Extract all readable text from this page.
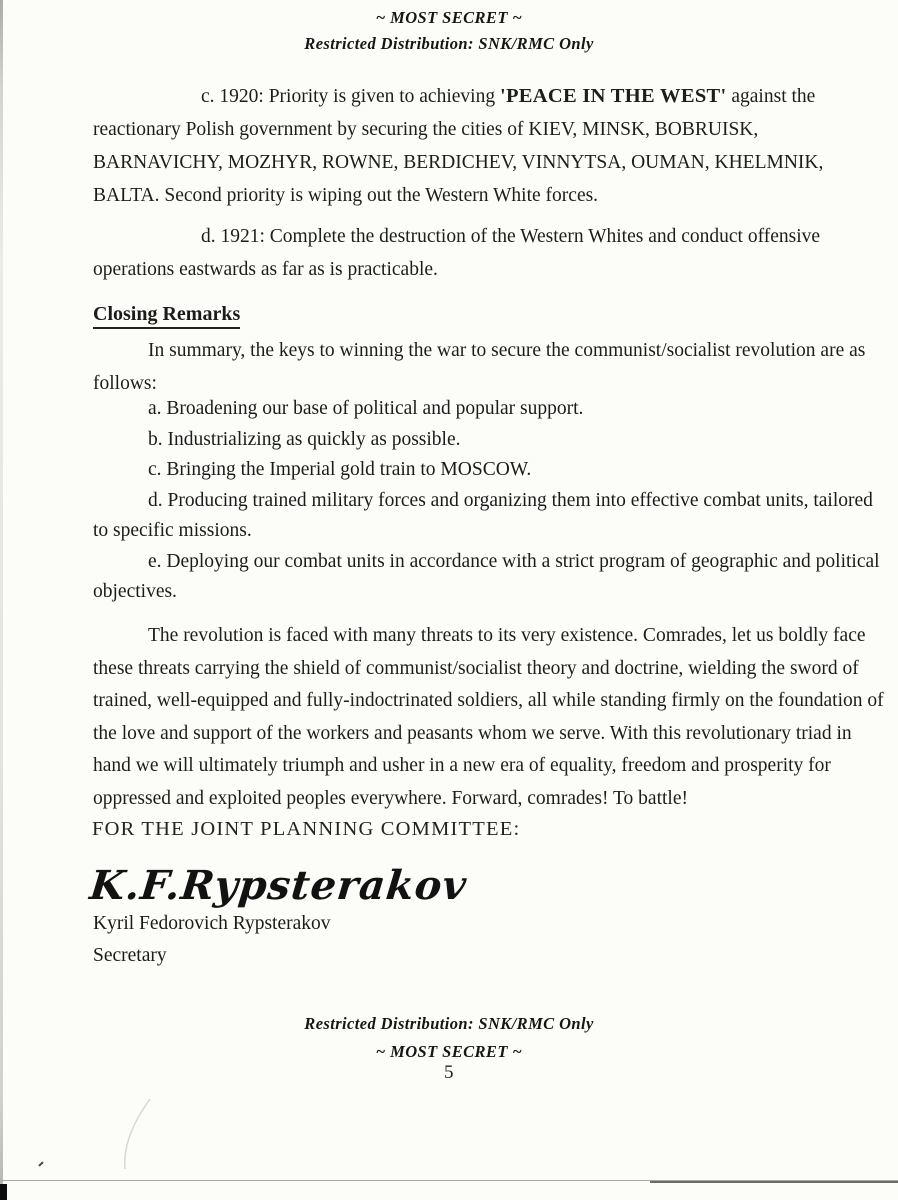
~ MOST SECRET ~
Restricted Distribution: SNK/RMC Only
c. 1920: Priority is given to achieving 'PEACE IN THE WEST' against the reactionary Polish government by securing the cities of KIEV, MINSK, BOBRUISK, BARNAVICHY, MOZHYR, ROWNE, BERDICHEV, VINNYTSA, OUMAN, KHELMNIK, BALTA. Second priority is wiping out the Western White forces.
d. 1921: Complete the destruction of the Western Whites and conduct offensive operations eastwards as far as is practicable.
Closing Remarks
In summary, the keys to winning the war to secure the communist/socialist revolution are as follows:
a. Broadening our base of political and popular support.
b. Industrializing as quickly as possible.
c. Bringing the Imperial gold train to MOSCOW.
d. Producing trained military forces and organizing them into effective combat units, tailored to specific missions.
e. Deploying our combat units in accordance with a strict program of geographic and political objectives.
The revolution is faced with many threats to its very existence. Comrades, let us boldly face these threats carrying the shield of communist/socialist theory and doctrine, wielding the sword of trained, well-equipped and fully-indoctrinated soldiers, all while standing firmly on the foundation of the love and support of the workers and peasants whom we serve. With this revolutionary triad in hand we will ultimately triumph and usher in a new era of equality, freedom and prosperity for oppressed and exploited peoples everywhere. Forward, comrades! To battle!
FOR THE JOINT PLANNING COMMITTEE:
K.F.Rypsterakov
Kyril Fedorovich Rypsterakov
Secretary
Restricted Distribution: SNK/RMC Only
~ MOST SECRET ~
5
